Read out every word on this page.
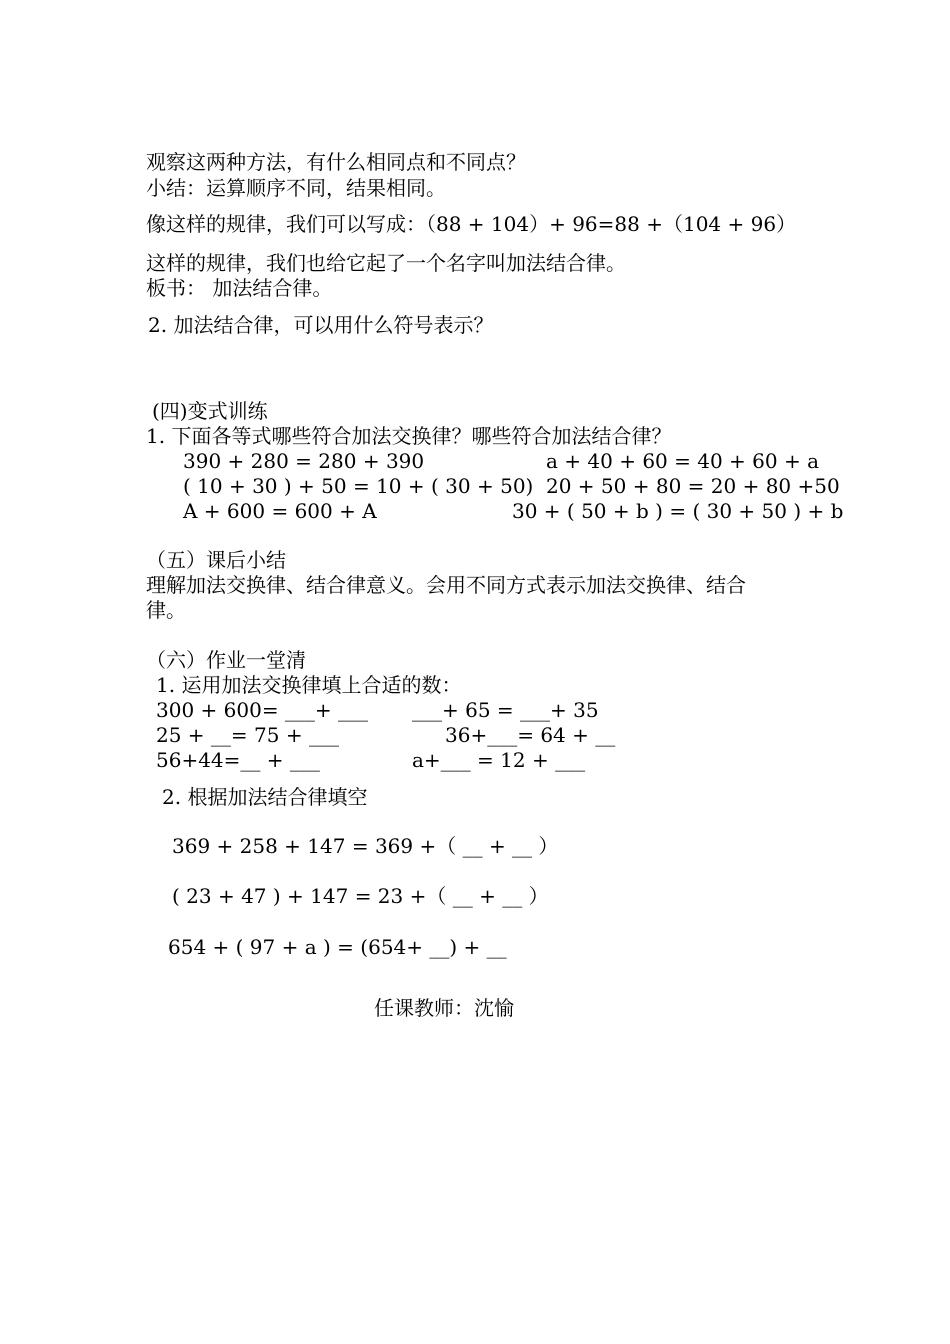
观察这两种方法，有什么相同点和不同点？
小结：运算顺序不同，结果相同。
像这样的规律，我们可以写成：（88 + 104）+ 96=88 +（104 + 96）
这样的规律，我们也给它起了一个名字叫加法结合律。
板书： 加法结合律。
2. 加法结合律，可以用什么符号表示？
(四)变式训练
1. 下面各等式哪些符合加法交换律？哪些符合加法结合律？
390 + 280 = 280 + 390	a + 40 + 60 = 40 + 60 + a
( 10 + 30 ) + 50 = 10 + ( 30 + 50) 20 + 50 + 80 = 20 + 80 +50
A + 600 = 600 + A	30 + ( 50 + b ) = ( 30 + 50 ) + b
（五）课后小结
理解加法交换律、结合律意义。会用不同方式表示加法交换律、结合
律。
（六）作业一堂清
1. 运用加法交换律填上合适的数：
300 + 600= ___+ ___ ___+ 65 = ___+ 35
25 + __= 75 + ___	36+___= 64 + __
56+44=__ + ___	a+___ = 12 + ___
2. 根据加法结合律填空
369 + 258 + 147 = 369 +（ __ + __ ）
( 23 + 47 ) + 147 = 23 +（ __ + __ ）
654 + ( 97 + a ) = (654+ __) + __
任课教师：沈愉
